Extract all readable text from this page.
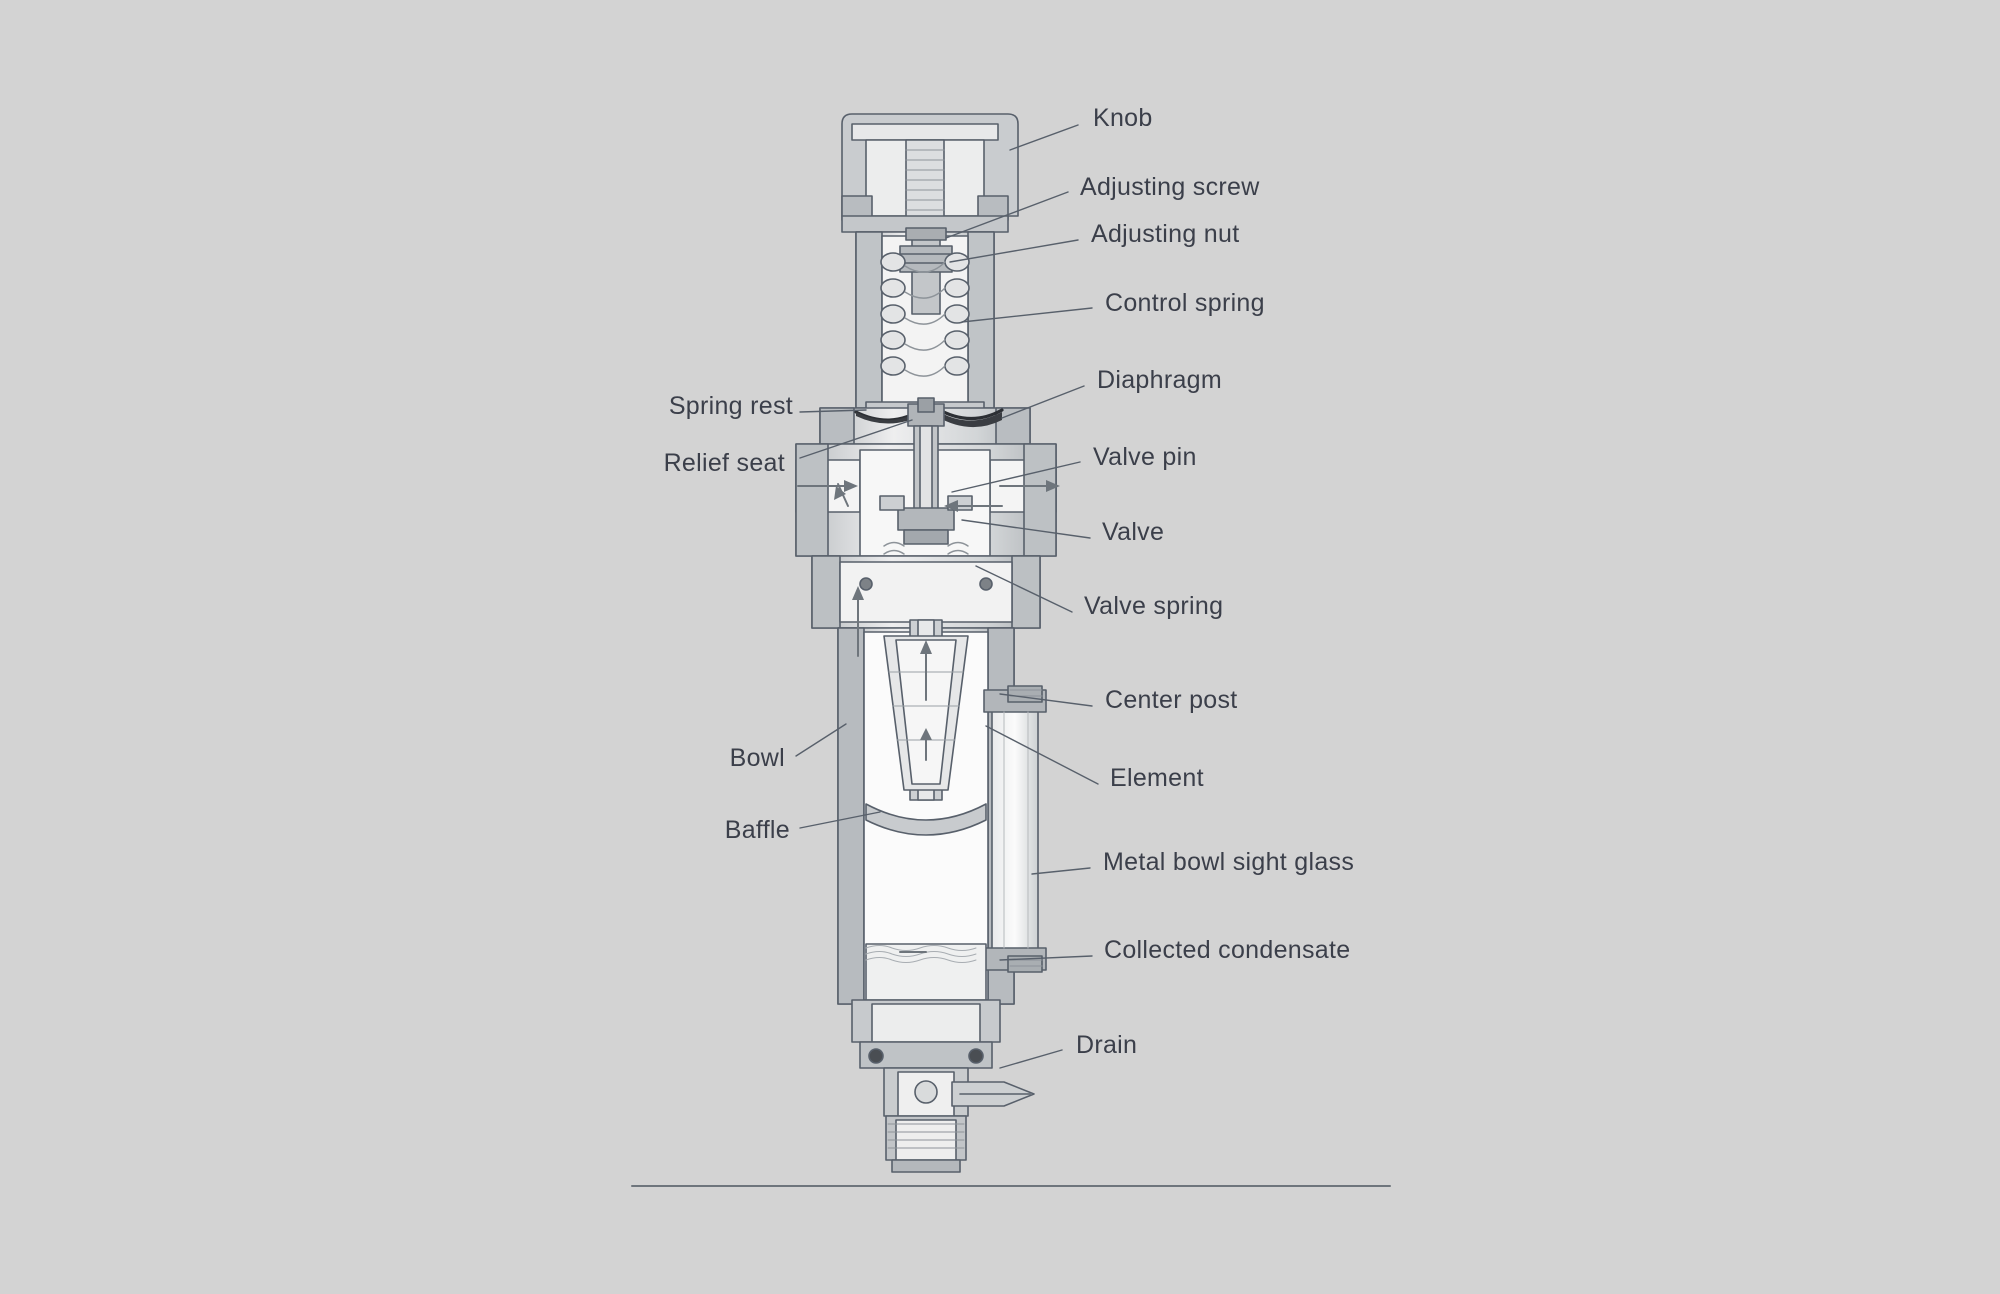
Knob
Adjusting screw
Adjusting nut
Control spring
Diaphragm
Valve pin
Valve
Valve spring
Center post
Element
Metal bowl sight glass
Collected condensate
Drain
Spring rest
Relief seat
Bowl
Baffle
